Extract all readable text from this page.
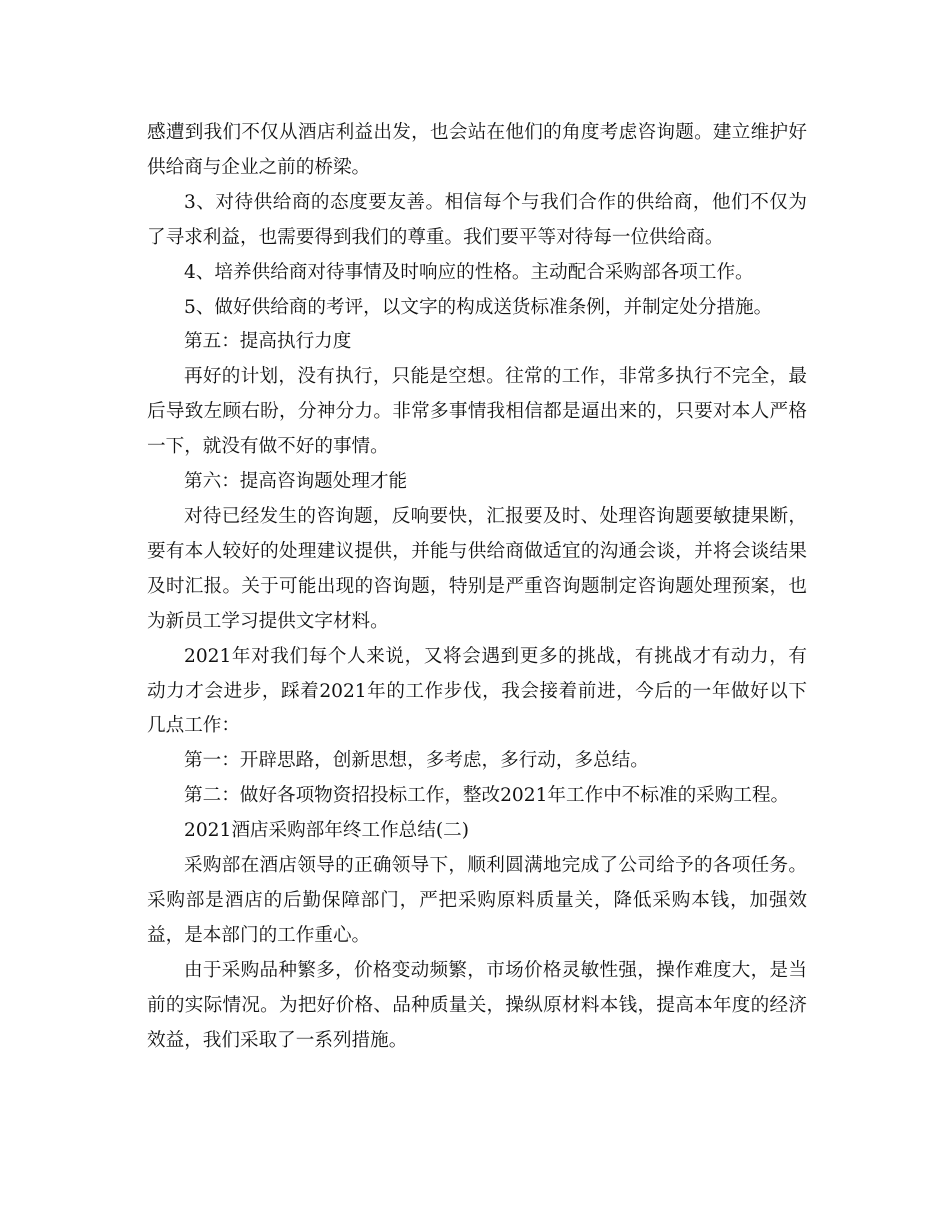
感遭到我们不仅从酒店利益出发，也会站在他们的角度考虑咨询题。建立维护好供给商与企业之前的桥梁。

3、对待供给商的态度要友善。相信每个与我们合作的供给商，他们不仅为了寻求利益，也需要得到我们的尊重。我们要平等对待每一位供给商。

4、培养供给商对待事情及时响应的性格。主动配合采购部各项工作。

5、做好供给商的考评，以文字的构成送货标准条例，并制定处分措施。

第五：提高执行力度

再好的计划，没有执行，只能是空想。往常的工作，非常多执行不完全，最后导致左顾右盼，分神分力。非常多事情我相信都是逼出来的，只要对本人严格一下，就没有做不好的事情。

第六：提高咨询题处理才能

对待已经发生的咨询题，反响要快，汇报要及时、处理咨询题要敏捷果断，要有本人较好的处理建议提供，并能与供给商做适宜的沟通会谈，并将会谈结果及时汇报。关于可能出现的咨询题，特别是严重咨询题制定咨询题处理预案，也为新员工学习提供文字材料。

2021年对我们每个人来说，又将会遇到更多的挑战，有挑战才有动力，有动力才会进步，踩着2021年的工作步伐，我会接着前进，今后的一年做好以下几点工作：

第一：开辟思路，创新思想，多考虑，多行动，多总结。

第二：做好各项物资招投标工作，整改2021年工作中不标准的采购工程。

2021酒店采购部年终工作总结(二)

采购部在酒店领导的正确领导下，顺利圆满地完成了公司给予的各项任务。采购部是酒店的后勤保障部门，严把采购原料质量关，降低采购本钱，加强效益，是本部门的工作重心。

由于采购品种繁多，价格变动频繁，市场价格灵敏性强，操作难度大，是当前的实际情况。为把好价格、品种质量关，操纵原材料本钱，提高本年度的经济效益，我们采取了一系列措施。
